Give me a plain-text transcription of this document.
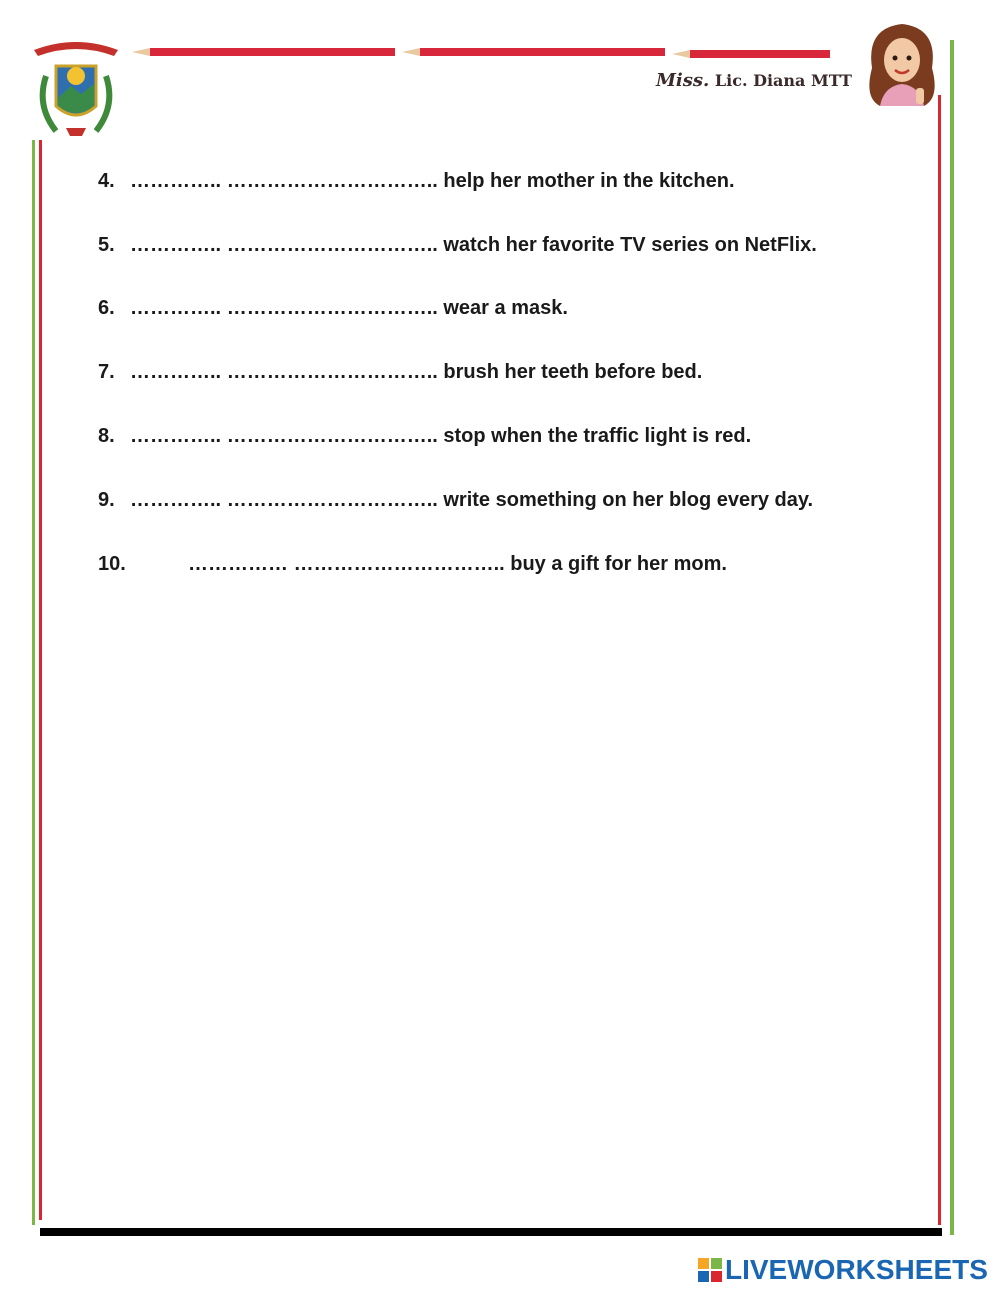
Miss. Lic. Diana MTT
4. ………….. ………………………….. help her mother in the kitchen.
5. ………….. ………………………….. watch her favorite TV series on NetFlix.
6. ………….. ………………………….. wear a mask.
7. ………….. ………………………….. brush her teeth before bed.
8. ………….. ………………………….. stop when the traffic light is red.
9. ………….. ………………………….. write something on her blog every day.
10.	…………… ………………………….. buy a gift for her mom.
LIVEWORKSHEETS
